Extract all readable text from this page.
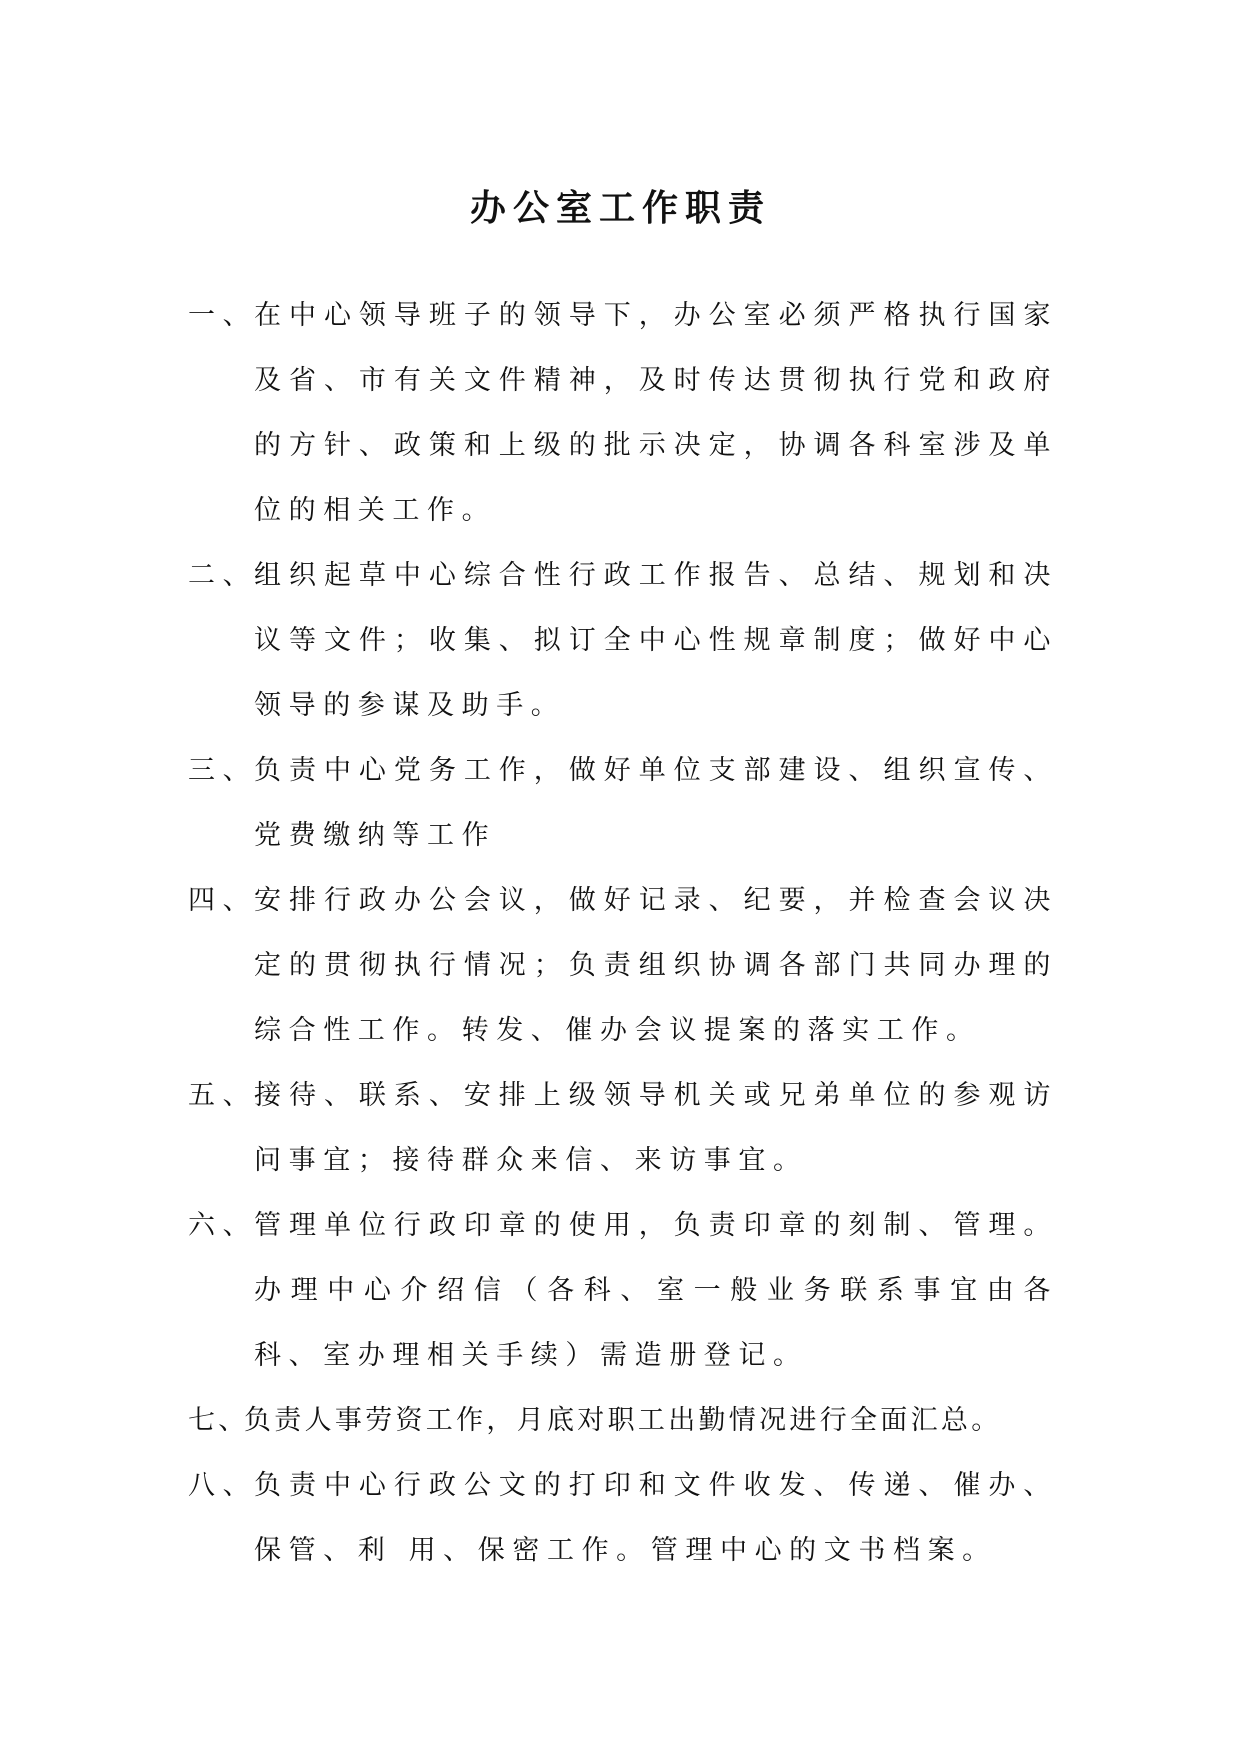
办公室工作职责
一、
在中心领导班子的领导下，办公室必须严格执行国家及省、市有关文件精神，及时传达贯彻执行党和政府的方针、政策和上级的批示决定，协调各科室涉及单位的相关工作。
二、
组织起草中心综合性行政工作报告、总结、规划和决议等文件；收集、拟订全中心性规章制度；做好中心领导的参谋及助手。
三、
负责中心党务工作，做好单位支部建设、组织宣传、党费缴纳等工作
四、
安排行政办公会议，做好记录、纪要，并检查会议决定的贯彻执行情况；负责组织协调各部门共同办理的综合性工作。转发、催办会议提案的落实工作。
五、
接待、联系、安排上级领导机关或兄弟单位的参观访问事宜；接待群众来信、来访事宜。
六、
管理单位行政印章的使用，负责印章的刻制、管理。办理中心介绍信（各科、室一般业务联系事宜由各科、室办理相关手续）需造册登记。
七、
负责人事劳资工作，月底对职工出勤情况进行全面汇总。
八、
负责中心行政公文的打印和文件收发、传递、催办、保管、利 用、保密工作。管理中心的文书档案。
